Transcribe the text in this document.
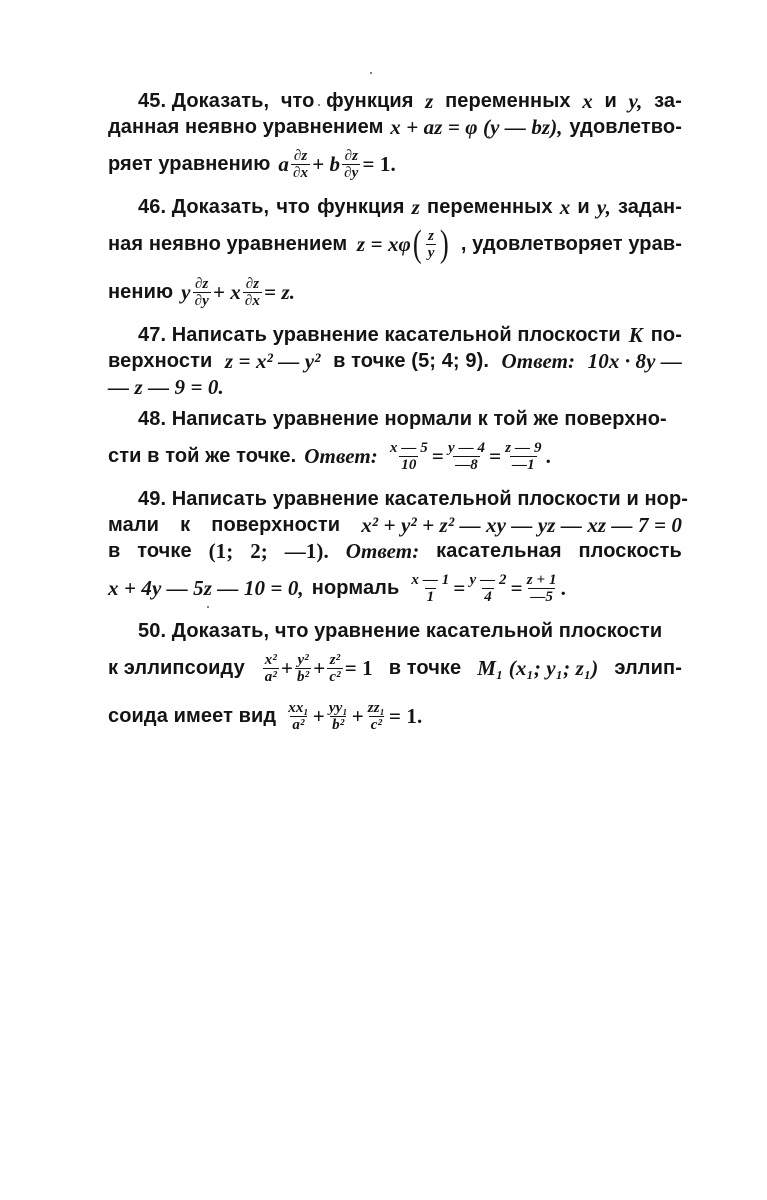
45. Доказать, что функция z переменных x и y, за-
данная неявно уравнением x + az = φ (y — bz), удовлетво-
ряет уравнению a $\frac{\partial z}{\partial x} + b \frac{\partial z}{\partial y} = 1$.
46. Доказать, что функция z переменных x и y, задан-
ная неявно уравнением z = xφ ( $\frac{z}{y}$ ) , удовлетворяет урав-
нению y $\frac{\partial z}{\partial y} + x \frac{\partial z}{\partial x} = z$.
47. Написать уравнение касательной плоскости K по-
верхности z = x² — y² в точке (5; 4; 9). Ответ: 10x · 8y —
— z — 9 = 0.
48. Написать уравнение нормали к той же поверхно-
сти в той же точке. Ответ: $\frac{x — 5}{10} = \frac{y — 4}{—8} = \frac{z — 9}{—1}$ .
49. Написать уравнение касательной плоскости и нор-
мали к поверхности x² + y² + z² — xy — yz — xz — 7 = 0
в точке (1; 2; —1). Ответ: касательная плоскость
x + 4y — 5z — 10 = 0, нормаль $\frac{x — 1}{1} = \frac{y — 2}{4} = \frac{z + 1}{—5}$ .
50. Доказать, что уравнение касательной плоскости
к эллипсоиду $\frac{\text{x²}}{\text{a²}} + \frac{\text{y²}}{\text{b²}} + \frac{\text{z²}}{\text{c²}} = 1$ в точке M₁ (x₁; y₁; z₁) эллип-
соида имеет вид $\frac{\text{xx₁}}{\text{a²}} + \frac{\text{yy₁}}{\text{b²}} + \frac{\text{zz₁}}{\text{c²}} = 1$.
